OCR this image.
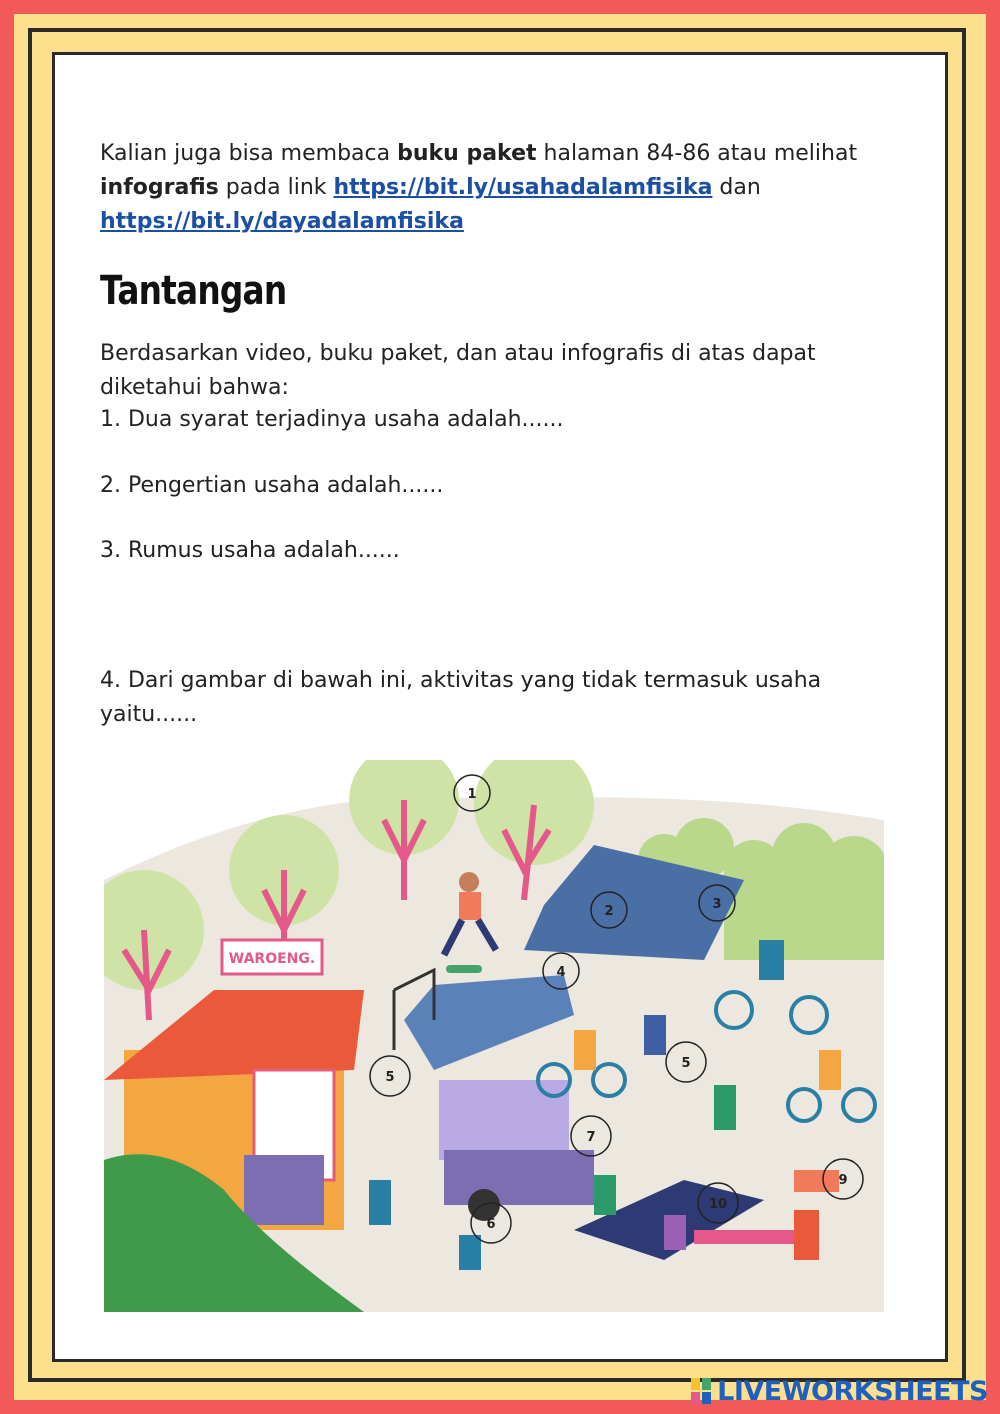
Kalian juga bisa membaca buku paket halaman 84-86 atau melihat
infografis pada link https://bit.ly/usahadalamfisika dan
https://bit.ly/dayadalamfisika
Tantangan
Berdasarkan video, buku paket, dan atau infografis di atas dapat diketahui bahwa:
1. Dua syarat terjadinya usaha adalah......
2. Pengertian usaha adalah......
3. Rumus usaha adalah......
4. Dari gambar di bawah ini, aktivitas yang tidak termasuk usaha yaitu......
WAROENG.
1
2	3
4
5
5
6
7
9
10
LIVEWORKSHEETS
